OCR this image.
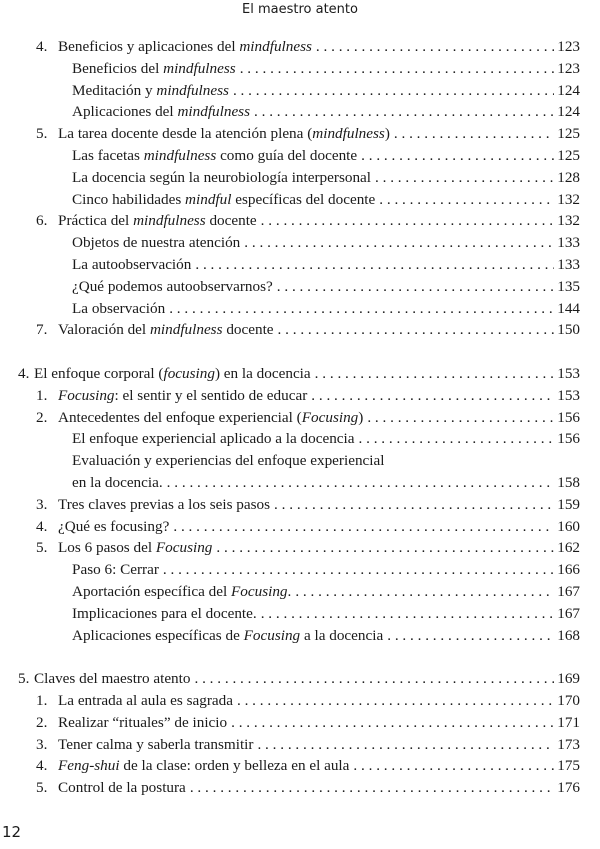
El maestro atento
4. Beneficios y aplicaciones del mindfulness . . .	123
Beneficios del mindfulness . . .	123
Meditación y mindfulness . . .	124
Aplicaciones del mindfulness . . .	124
5. La tarea docente desde la atención plena (mindfulness) . . .	125
Las facetas mindfulness como guía del docente . . .	125
La docencia según la neurobiología interpersonal . . .	128
Cinco habilidades mindful específicas del docente . . .	132
6. Práctica del mindfulness docente . . .	132
Objetos de nuestra atención . . .	133
La autoobservación . . .	133
¿Qué podemos autoobservarnos? . . .	135
La observación . . .	144
7. Valoración del mindfulness docente . . .	150
4. El enfoque corporal (focusing) en la docencia . . .	153
1. Focusing: el sentir y el sentido de educar . . .	153
2. Antecedentes del enfoque experiencial (Focusing) . . .	156
El enfoque experiencial aplicado a la docencia . . .	156
Evaluación y experiencias del enfoque experiencial
en la docencia. . . .	158
3. Tres claves previas a los seis pasos . . .	159
4. ¿Qué es focusing? . . .	160
5. Los 6 pasos del Focusing . . .	162
Paso 6: Cerrar . . .	166
Aportación específica del Focusing. . . .	167
Implicaciones para el docente. . . .	167
Aplicaciones específicas de Focusing a la docencia . . .	168
5. Claves del maestro atento . . .	169
1. La entrada al aula es sagrada . . .	170
2. Realizar “rituales” de inicio . . .	171
3. Tener calma y saberla transmitir . . .	173
4. Feng-shui de la clase: orden y belleza en el aula . . .	175
5. Control de la postura . . .	176
12
